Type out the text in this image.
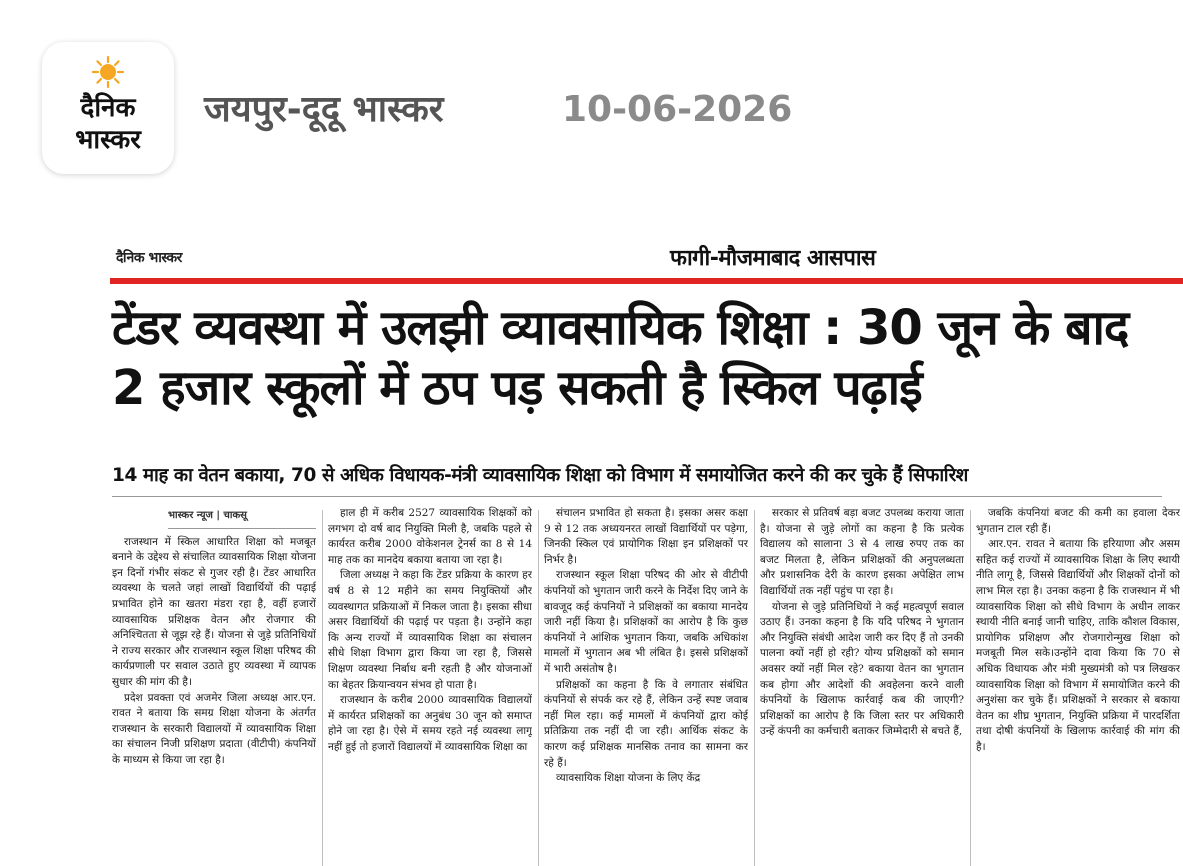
दैनिक
भास्कर
जयपुर-दूदू भास्कर	10-06-2026
दैनिक भास्कर	फागी-मौजमाबाद आसपास
टेंडर व्यवस्था में उलझी व्यावसायिक शिक्षा : 30 जून के बाद 2 हजार स्कूलों में ठप पड़ सकती है स्किल पढ़ाई
14 माह का वेतन बकाया, 70 से अधिक विधायक-मंत्री व्यावसायिक शिक्षा को विभाग में समायोजित करने की कर चुके हैं सिफारिश
भास्कर न्यूज | चाकसू

राजस्थान में स्किल आधारित शिक्षा को मजबूत बनाने के उद्देश्य से संचालित व्यावसायिक शिक्षा योजना इन दिनों गंभीर संकट से गुजर रही है। टेंडर आधारित व्यवस्था के चलते जहां लाखों विद्यार्थियों की पढ़ाई प्रभावित होने का खतरा मंडरा रहा है, वहीं हजारों व्यावसायिक प्रशिक्षक वेतन और रोजगार की अनिश्चितता से जूझ रहे हैं। योजना से जुड़े प्रतिनिधियों ने राज्य सरकार और राजस्थान स्कूल शिक्षा परिषद की कार्यप्रणाली पर सवाल उठाते हुए व्यवस्था में व्यापक सुधार की मांग की है।

प्रदेश प्रवक्ता एवं अजमेर जिला अध्यक्ष आर.एन. रावत ने बताया कि समग्र शिक्षा योजना के अंतर्गत राजस्थान के सरकारी विद्यालयों में व्यावसायिक शिक्षा का संचालन निजी प्रशिक्षण प्रदाता (वीटीपी) कंपनियों के माध्यम से किया जा रहा है।

हाल ही में करीब 2527 व्यावसायिक शिक्षकों को लगभग दो वर्ष बाद नियुक्ति मिली है, जबकि पहले से कार्यरत करीब 2000 वोकेशनल ट्रेनर्स का 8 से 14 माह तक का मानदेय बकाया बताया जा रहा है।

जिला अध्यक्ष ने कहा कि टेंडर प्रक्रिया के कारण हर वर्ष 8 से 12 महीने का समय नियुक्तियों और व्यवस्थागत प्रक्रियाओं में निकल जाता है। इसका सीधा असर विद्यार्थियों की पढ़ाई पर पड़ता है। उन्होंने कहा कि अन्य राज्यों में व्यावसायिक शिक्षा का संचालन सीधे शिक्षा विभाग द्वारा किया जा रहा है, जिससे शिक्षण व्यवस्था निर्बाध बनी रहती है और योजनाओं का बेहतर क्रियान्वयन संभव हो पाता है।

राजस्थान के करीब 2000 व्यावसायिक विद्यालयों में कार्यरत प्रशिक्षकों का अनुबंध 30 जून को समाप्त होने जा रहा है। ऐसे में समय रहते नई व्यवस्था लागू नहीं हुई तो हजारों विद्यालयों में व्यावसायिक शिक्षा का

संचालन प्रभावित हो सकता है। इसका असर कक्षा 9 से 12 तक अध्ययनरत लाखों विद्यार्थियों पर पड़ेगा, जिनकी स्किल एवं प्रायोगिक शिक्षा इन प्रशिक्षकों पर निर्भर है।

राजस्थान स्कूल शिक्षा परिषद की ओर से वीटीपी कंपनियों को भुगतान जारी करने के निर्देश दिए जाने के बावजूद कई कंपनियों ने प्रशिक्षकों का बकाया मानदेय जारी नहीं किया है। प्रशिक्षकों का आरोप है कि कुछ कंपनियों ने आंशिक भुगतान किया, जबकि अधिकांश मामलों में भुगतान अब भी लंबित है। इससे प्रशिक्षकों में भारी असंतोष है।

प्रशिक्षकों का कहना है कि वे लगातार संबंधित कंपनियों से संपर्क कर रहे हैं, लेकिन उन्हें स्पष्ट जवाब नहीं मिल रहा। कई मामलों में कंपनियों द्वारा कोई प्रतिक्रिया तक नहीं दी जा रही। आर्थिक संकट के कारण कई प्रशिक्षक मानसिक तनाव का सामना कर रहे हैं।

व्यावसायिक शिक्षा योजना के लिए केंद्र

सरकार से प्रतिवर्ष बड़ा बजट उपलब्ध कराया जाता है। योजना से जुड़े लोगों का कहना है कि प्रत्येक विद्यालय को सालाना 3 से 4 लाख रुपए तक का बजट मिलता है, लेकिन प्रशिक्षकों की अनुपलब्धता और प्रशासनिक देरी के कारण इसका अपेक्षित लाभ विद्यार्थियों तक नहीं पहुंच पा रहा है।

योजना से जुड़े प्रतिनिधियों ने कई महत्वपूर्ण सवाल उठाए हैं। उनका कहना है कि यदि परिषद ने भुगतान और नियुक्ति संबंधी आदेश जारी कर दिए हैं तो उनकी पालना क्यों नहीं हो रही? योग्य प्रशिक्षकों को समान अवसर क्यों नहीं मिल रहे? बकाया वेतन का भुगतान कब होगा और आदेशों की अवहेलना करने वाली कंपनियों के खिलाफ कार्रवाई कब की जाएगी? प्रशिक्षकों का आरोप है कि जिला स्तर पर अधिकारी उन्हें कंपनी का कर्मचारी बताकर जिम्मेदारी से बचते हैं,

जबकि कंपनियां बजट की कमी का हवाला देकर भुगतान टाल रही हैं।

आर.एन. रावत ने बताया कि हरियाणा और असम सहित कई राज्यों में व्यावसायिक शिक्षा के लिए स्थायी नीति लागू है, जिससे विद्यार्थियों और शिक्षकों दोनों को लाभ मिल रहा है। उनका कहना है कि राजस्थान में भी व्यावसायिक शिक्षा को सीधे विभाग के अधीन लाकर स्थायी नीति बनाई जानी चाहिए, ताकि कौशल विकास, प्रायोगिक प्रशिक्षण और रोजगारोन्मुख शिक्षा को मजबूती मिल सके।उन्होंने दावा किया कि 70 से अधिक विधायक और मंत्री मुख्यमंत्री को पत्र लिखकर व्यावसायिक शिक्षा को विभाग में समायोजित करने की अनुशंसा कर चुके हैं। प्रशिक्षकों ने सरकार से बकाया वेतन का शीघ्र भुगतान, नियुक्ति प्रक्रिया में पारदर्शिता तथा दोषी कंपनियों के खिलाफ कार्रवाई की मांग की है।
